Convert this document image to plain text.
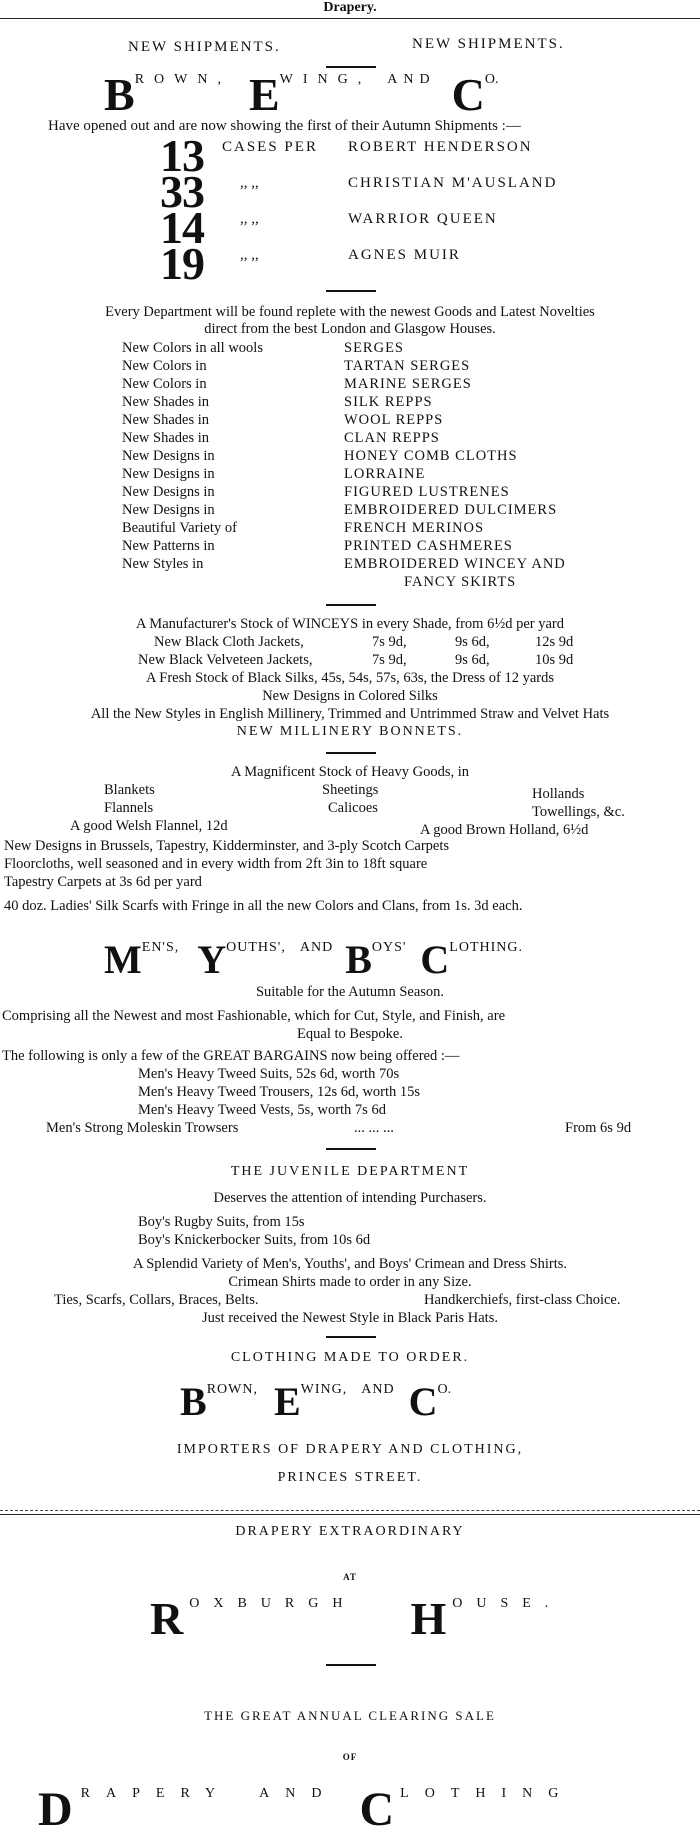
Drapery.
NEW SHIPMENTS.	NEW SHIPMENTS.
BROWN, EWING, AND CO.
Have opened out and are now showing the first of their Autumn Shipments :—
13 CASES PER ROBERT HENDERSON
33 ,, ,,	CHRISTIAN M'AUSLAND
14 ,, ,,	WARRIOR QUEEN
19 ,, ,,	AGNES MUIR
Every Department will be found replete with the newest Goods and Latest Novelties
direct from the best London and Glasgow Houses.
New Colors in all wools	SERGES
New Colors in	TARTAN SERGES
New Colors in	MARINE SERGES
New Shades in	SILK REPPS
New Shades in	WOOL REPPS
New Shades in	CLAN REPPS
New Designs in	HONEY COMB CLOTHS
New Designs in	LORRAINE
New Designs in	FIGURED LUSTRENES
New Designs in	EMBROIDERED DULCIMERS
Beautiful Variety of	FRENCH MERINOS
New Patterns in	PRINTED CASHMERES
New Styles in	EMBROIDERED WINCEY AND
FANCY SKIRTS
A Manufacturer's Stock of WINCEYS in every Shade, from 6½d per yard
New Black Cloth Jackets,	7s 9d,	9s 6d,	12s 9d
New Black Velveteen Jackets,	7s 9d,	9s 6d,	10s 9d
A Fresh Stock of Black Silks, 45s, 54s, 57s, 63s, the Dress of 12 yards
New Designs in Colored Silks
All the New Styles in English Millinery, Trimmed and Untrimmed Straw and Velvet Hats
NEW MILLINERY BONNETS.
A Magnificent Stock of Heavy Goods, in
Blankets	Sheetings	Hollands
Flannels	Calicoes	Towellings, &c.
A good Welsh Flannel, 12d	A good Brown Holland, 6½d
New Designs in Brussels, Tapestry, Kidderminster, and 3-ply Scotch Carpets
Floorcloths, well seasoned and in every width from 2ft 3in to 18ft square
Tapestry Carpets at 3s 6d per yard
40 doz. Ladies' Silk Scarfs with Fringe in all the new Colors and Clans, from 1s. 3d each.
MEN'S, YOUTHS', AND BOYS' CLOTHING.
Suitable for the Autumn Season.
Comprising all the Newest and most Fashionable, which for Cut, Style, and Finish, are
Equal to Bespoke.
The following is only a few of the GREAT BARGAINS now being offered :—
Men's Heavy Tweed Suits, 52s 6d, worth 70s
Men's Heavy Tweed Trousers, 12s 6d, worth 15s
Men's Heavy Tweed Vests, 5s, worth 7s 6d
Men's Strong Moleskin Trowsers	... ... ...	From 6s 9d
THE JUVENILE DEPARTMENT
Deserves the attention of intending Purchasers.
Boy's Rugby Suits, from 15s
Boy's Knickerbocker Suits, from 10s 6d
A Splendid Variety of Men's, Youths', and Boys' Crimean and Dress Shirts.
Crimean Shirts made to order in any Size.
Ties, Scarfs, Collars, Braces, Belts.	Handkerchiefs, first-class Choice.
Just received the Newest Style in Black Paris Hats.
CLOTHING MADE TO ORDER.
BROWN, EWING, AND CO.
IMPORTERS OF DRAPERY AND CLOTHING,
PRINCES STREET.
DRAPERY EXTRAORDINARY
AT
ROXBURGH H OUSE.
THE GREAT ANNUAL CLEARING SALE
OF
DRAPERY AND C LOTHING
